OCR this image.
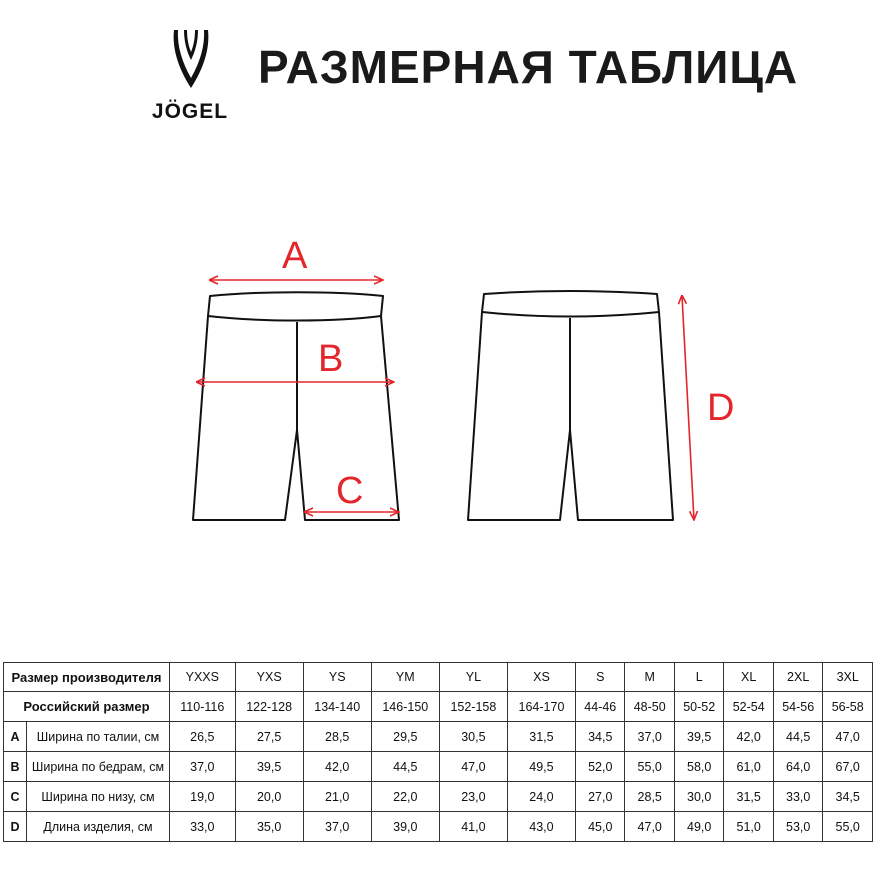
JÖGEL
РАЗМЕРНАЯ ТАБЛИЦА
A
B
C
D
Размер производителя		YXXS	YXS	YS	YM	YL	XS	S	M	L	XL	2XL	3XL
Российский размер		110-116	122-128	134-140	146-150	152-158	164-170	44-46	48-50	50-52	52-54	54-56	56-58
A	Ширина по талии, см	26,5	27,5	28,5	29,5	30,5	31,5	34,5	37,0	39,5	42,0	44,5	47,0
B	Ширина по бедрам, см	37,0	39,5	42,0	44,5	47,0	49,5	52,0	55,0	58,0	61,0	64,0	67,0
C	Ширина по низу, см	19,0	20,0	21,0	22,0	23,0	24,0	27,0	28,5	30,0	31,5	33,0	34,5
D	Длина изделия, см	33,0	35,0	37,0	39,0	41,0	43,0	45,0	47,0	49,0	51,0	53,0	55,0
